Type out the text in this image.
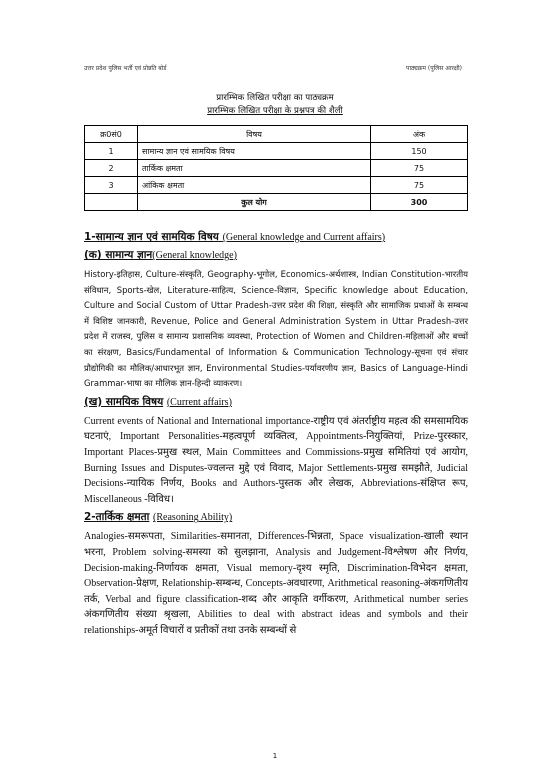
उत्तर प्रदेश पुलिस भर्ती एवं प्रोन्नति बोर्ड	पाठ्यक्रम (पुलिस आरक्षी)
प्रारम्भिक लिखित परीक्षा का पाठ्यक्रम
प्रारम्भिक लिखित परीक्षा के प्रश्नपत्र की शैली
क्र0सं0	विषय	अंक
1	सामान्य ज्ञान एवं सामयिक विषय	150
2	तार्किक क्षमता	75
3	आंकिक क्षमता	75
	कुल योग	300
1-सामान्य ज्ञान एवं सामयिक विषय (General knowledge and Current affairs)
(क) सामान्य ज्ञान(General knowledge)
History-इतिहास, Culture-संस्कृति, Geography-भूगोल, Economics-अर्थशास्त्र, Indian Constitution-भारतीय संविधान, Sports-खेल, Literature-साहित्य, Science-विज्ञान, Specific knowledge about Education, Culture and Social Custom of Uttar Pradesh-उत्तर प्रदेश की शिक्षा, संस्कृति और सामाजिक प्रथाओं के सम्बन्ध में विशिष्ट जानकारी, Revenue, Police and General Administration System in Uttar Pradesh-उत्तर प्रदेश में राजस्व, पुलिस व सामान्य प्रशासनिक व्यवस्था, Protection of Women and Children-महिलाओं और बच्चों का संरक्षण, Basics/Fundamental of Information & Communication Technology-सूचना एवं संचार प्रौद्योगिकी का मौलिक/आधारभूत ज्ञान, Environmental Studies-पर्यावरणीय ज्ञान, Basics of Language-Hindi Grammar-भाषा का मौलिक ज्ञान-हिन्दी व्याकरण।
(ख) सामयिक विषय (Current affairs)
Current events of National and International importance-राष्ट्रीय एवं अंतर्राष्ट्रीय महत्व की समसामयिक घटनाएं, Important Personalities-महत्वपूर्ण व्यक्तित्व, Appointments-नियुक्तियां, Prize-पुरस्कार, Important Places-प्रमुख स्थल, Main Committees and Commissions-प्रमुख समितियां एवं आयोग, Burning Issues and Disputes-ज्वलन्त मुद्दे एवं विवाद, Major Settlements-प्रमुख समझौते, Judicial Decisions-न्यायिक निर्णय, Books and Authors-पुस्तक और लेखक, Abbreviations-संक्षिप्त रूप, Miscellaneous -विविध।
2-तार्किक क्षमता (Reasoning Ability)
Analogies-समरूपता, Similarities-समानता, Differences-भिन्नता, Space visualization-खाली स्थान भरना, Problem solving-समस्या को सुलझाना, Analysis and Judgement-विश्लेषण और निर्णय, Decision-making-निर्णायक क्षमता, Visual memory-दृश्य स्मृति, Discrimination-विभेदन क्षमता, Observation-प्रेक्षण, Relationship-सम्बन्ध, Concepts-अवधारणा, Arithmetical reasoning-अंकगणितीय तर्क, Verbal and figure classification-शब्द और आकृति वर्गीकरण, Arithmetical number series अंकगणितीय संख्या श्रृखला, Abilities to deal with abstract ideas and symbols and their relationships-अमूर्त विचारों व प्रतीकों तथा उनके सम्बन्धों से
1
